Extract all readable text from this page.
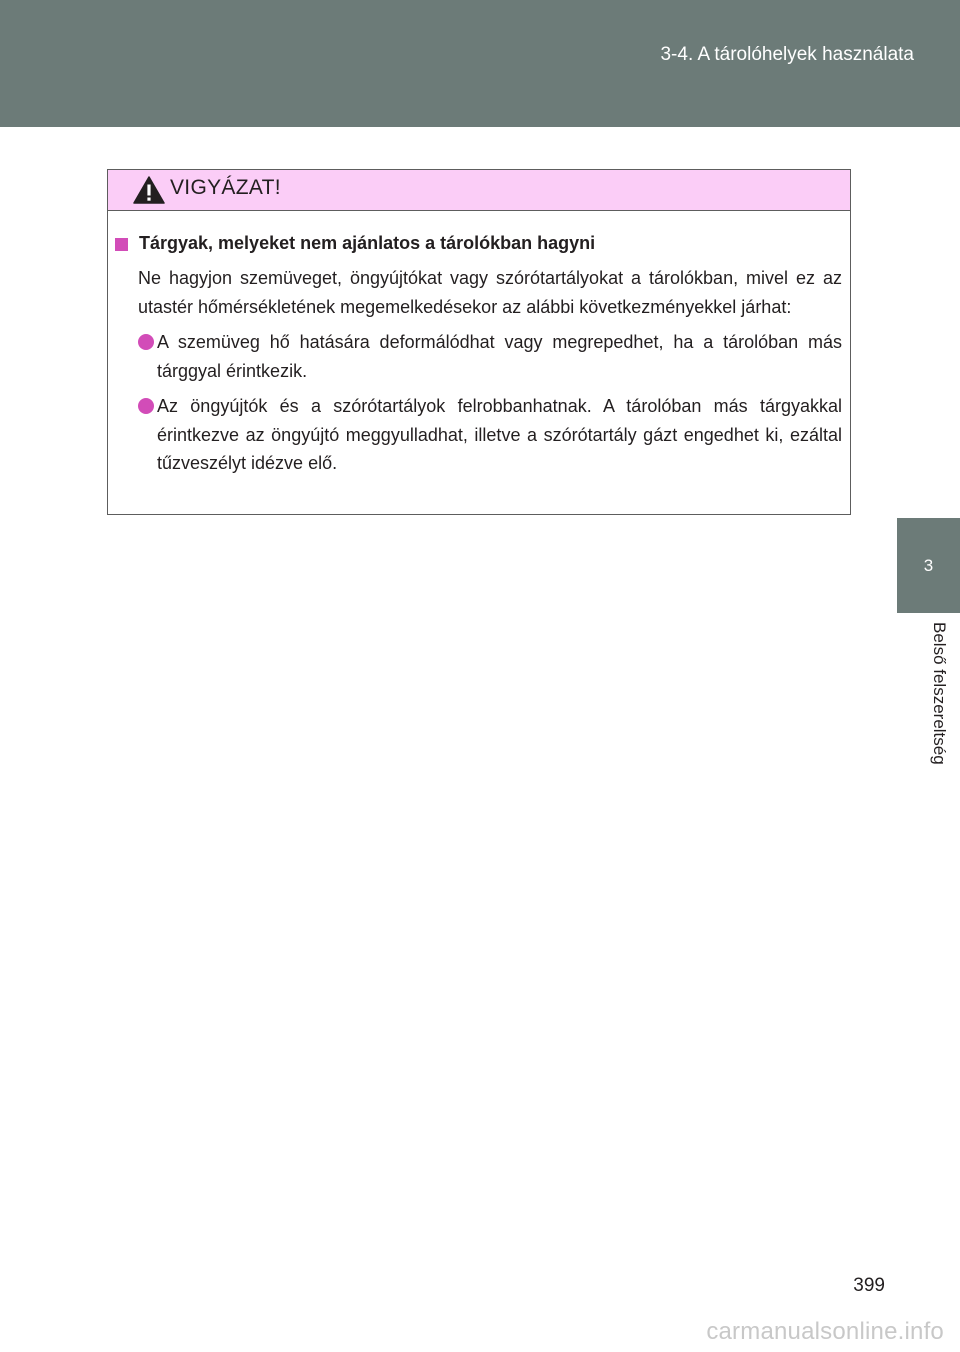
3-4. A tárolóhelyek használata
3
Belső felszereltség
VIGYÁZAT!
Tárgyak, melyeket nem ajánlatos a tárolókban hagyni
Ne hagyjon szemüveget, öngyújtókat vagy szórótartályokat a tárolókban, mivel ez az utastér hőmérsékletének megemelkedésekor az alábbi következményekkel járhat:
A szemüveg hő hatására deformálódhat vagy megrepedhet, ha a tárolóban más tárggyal érintkezik.
Az öngyújtók és a szórótartályok felrobbanhatnak. A tárolóban más tárgyakkal érintkezve az öngyújtó meggyulladhat, illetve a szórótartály gázt engedhet ki, ezáltal tűzveszélyt idézve elő.
399
carmanualsonline.info
